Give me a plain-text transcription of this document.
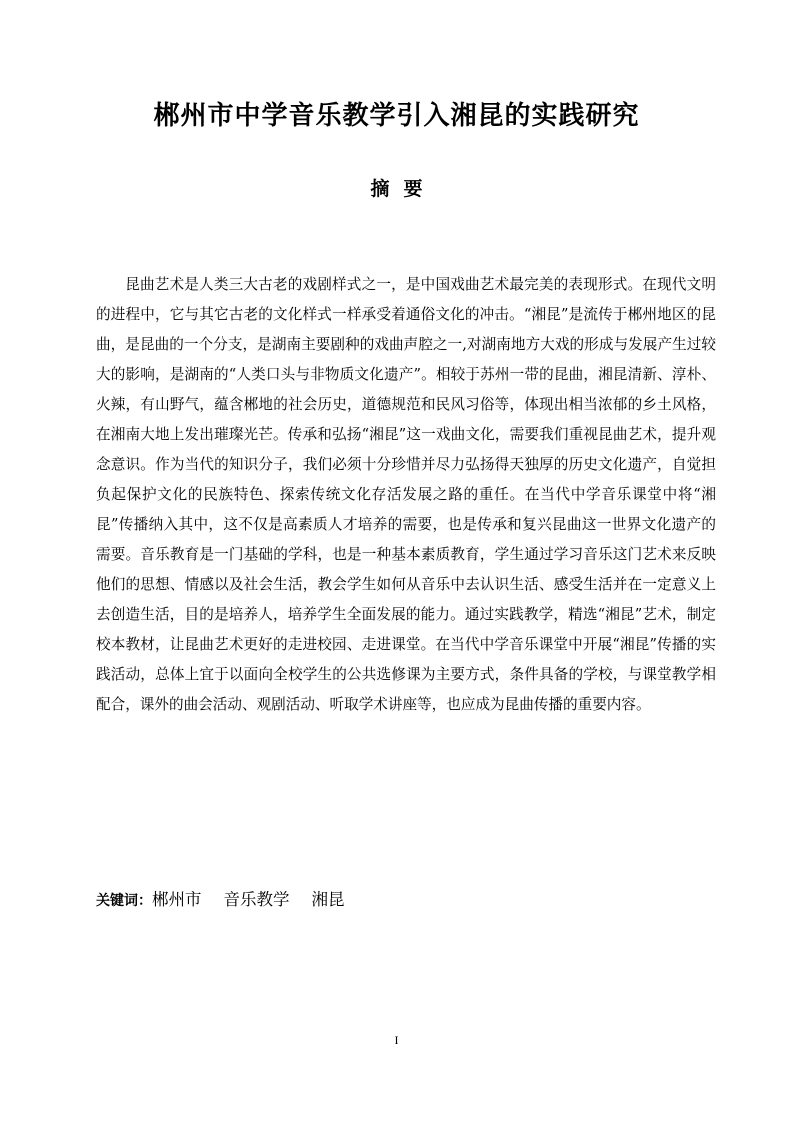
郴州市中学音乐教学引入湘昆的实践研究
摘要

昆曲艺术是人类三大古老的戏剧样式之一，是中国戏曲艺术最完美的表现形式。在现代文明的进程中，它与其它古老的文化样式一样承受着通俗文化的冲击。“湘昆”是流传于郴州地区的昆曲，是昆曲的一个分支，是湖南主要剧种的戏曲声腔之一,对湖南地方大戏的形成与发展产生过较大的影响，是湖南的“人类口头与非物质文化遗产”。相较于苏州一带的昆曲，湘昆清新、淳朴、火辣，有山野气，蕴含郴地的社会历史，道德规范和民风习俗等，体现出相当浓郁的乡土风格，在湘南大地上发出璀璨光芒。传承和弘扬“湘昆”这一戏曲文化，需要我们重视昆曲艺术，提升观念意识。作为当代的知识分子，我们必须十分珍惜并尽力弘扬得天独厚的历史文化遗产，自觉担负起保护文化的民族特色、探索传统文化存活发展之路的重任。在当代中学音乐课堂中将“湘昆”传播纳入其中，这不仅是高素质人才培养的需要，也是传承和复兴昆曲这一世界文化遗产的需要。音乐教育是一门基础的学科，也是一种基本素质教育，学生通过学习音乐这门艺术来反映他们的思想、情感以及社会生活，教会学生如何从音乐中去认识生活、感受生活并在一定意义上去创造生活，目的是培养人，培养学生全面发展的能力。通过实践教学，精选“湘昆”艺术，制定校本教材，让昆曲艺术更好的走进校园、走进课堂。在当代中学音乐课堂中开展“湘昆”传播的实践活动，总体上宜于以面向全校学生的公共选修课为主要方式，条件具备的学校，与课堂教学相配合，课外的曲会活动、观剧活动、听取学术讲座等，也应成为昆曲传播的重要内容。

关键词：郴州市 音乐教学 湘昆

I
